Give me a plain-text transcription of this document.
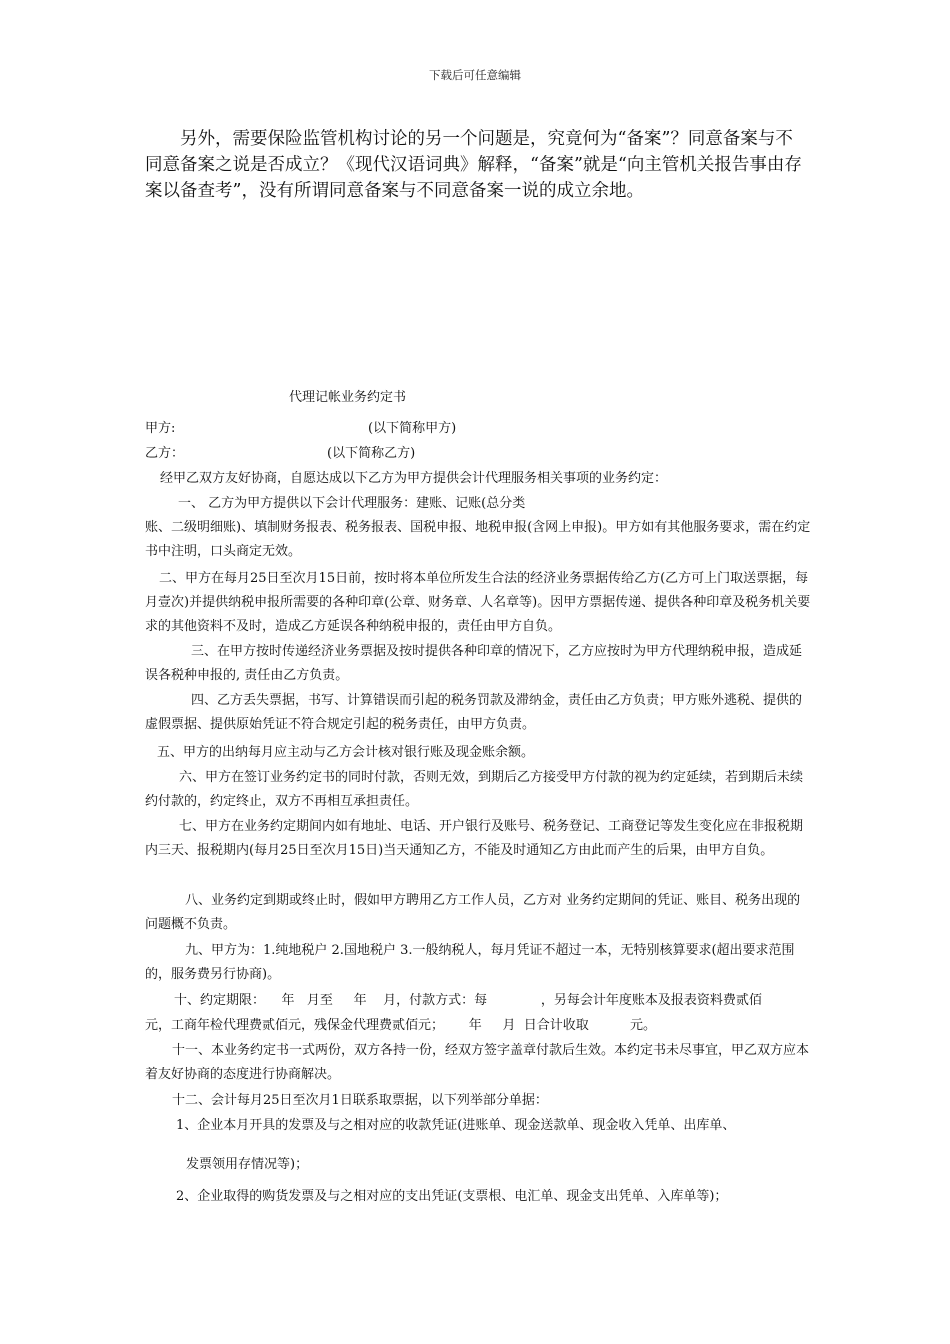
下载后可任意编辑

另外，需要保险监管机构讨论的另一个问题是，究竟何为“备案”？同意备案与不同意备案之说是否成立？《现代汉语词典》解释，“备案”就是“向主管机关报告事由存案以备查考”，没有所谓同意备案与不同意备案一说的成立余地。

代理记帐业务约定书
甲方:	(以下简称甲方)
乙方：	(以下简称乙方)
经甲乙双方友好协商，自愿达成以下乙方为甲方提供会计代理服务相关事项的业务约定：
一、 乙方为甲方提供以下会计代理服务：建账、记账(总分类

账、二级明细账)、填制财务报表、税务报表、国税申报、地税申报(含网上申报)。甲方如有其他服务要求，需在约定书中注明，口头商定无效。

二、甲方在每月25日至次月15日前，按时将本单位所发生合法的经济业务票据传给乙方(乙方可上门取送票据，每月壹次)并提供纳税申报所需要的各种印章(公章、财务章、人名章等)。因甲方票据传递、提供各种印章及税务机关要求的其他资料不及时，造成乙方延误各种纳税申报的，责任由甲方自负。

三、在甲方按时传递经济业务票据及按时提供各种印章的情况下，乙方应按时为甲方代理纳税申报，造成延误各税种申报的, 责任由乙方负责。

四、乙方丢失票据，书写、计算错误而引起的税务罚款及滞纳金，责任由乙方负责；甲方账外逃税、提供的虚假票据、提供原始凭证不符合规定引起的税务责任，由甲方负责。

五、甲方的出纳每月应主动与乙方会计核对银行账及现金账余额。

六、甲方在签订业务约定书的同时付款，否则无效，到期后乙方接受甲方付款的视为约定延续，若到期后未续约付款的，约定终止，双方不再相互承担责任。

七、甲方在业务约定期间内如有地址、电话、开户银行及账号、税务登记、工商登记等发生变化应在非报税期内三天、报税期内(每月25日至次月15日)当天通知乙方，不能及时通知乙方由此而产生的后果，由甲方自负。

八、业务约定到期或终止时，假如甲方聘用乙方工作人员，乙方对 业务约定期间的凭证、账目、税务出现的问题概不负责。

九、甲方为：1.纯地税户 2.国地税户 3.一般纳税人，每月凭证不超过一本，无特别核算要求(超出要求范围的，服务费另行协商)。

十、约定期限：    年   月至     年    月，付款方式：每             ，另每会计年度账本及报表资料费贰佰
元，工商年检代理费贰佰元，残保金代理费贰佰元；      年     月  日合计收取          元。

十一、本业务约定书一式两份，双方各持一份，经双方签字盖章付款后生效。本约定书未尽事宜，甲乙双方应本着友好协商的态度进行协商解决。

十二、会计每月25日至次月1日联系取票据，以下列举部分单据：
1、企业本月开具的发票及与之相对应的收款凭证(进账单、现金送款单、现金收入凭单、出库单、
发票领用存情况等)；
2、企业取得的购货发票及与之相对应的支出凭证(支票根、电汇单、现金支出凭单、入库单等)；
